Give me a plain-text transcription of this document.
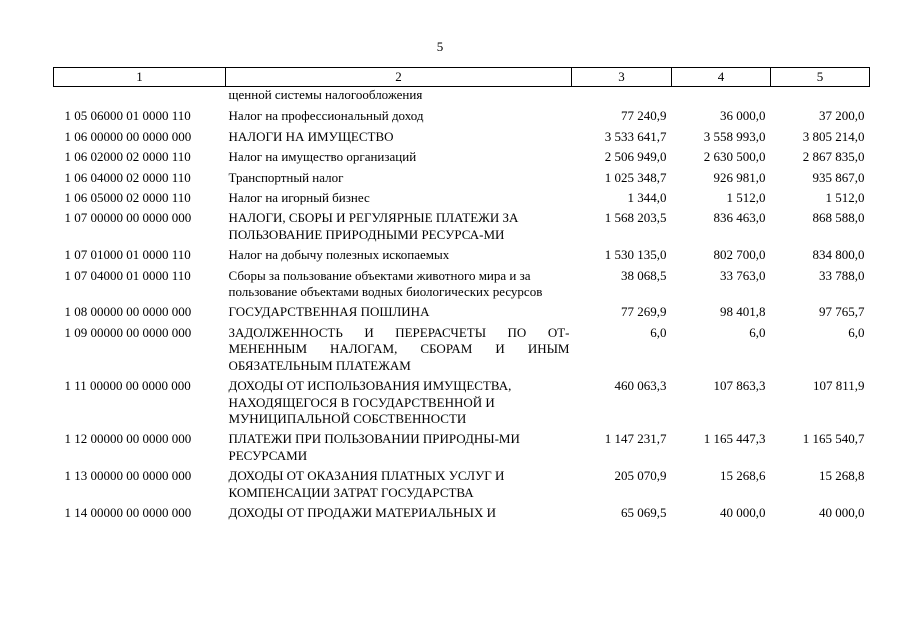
5
1	2	3	4	5
	щенной системы налогообложения			
1 05 06000 01 0000 110	Налог на профессиональный доход	77 240,9	36 000,0	37 200,0
1 06 00000 00 0000 000	НАЛОГИ НА ИМУЩЕСТВО	3 533 641,7	3 558 993,0	3 805 214,0
1 06 02000 02 0000 110	Налог на имущество организаций	2 506 949,0	2 630 500,0	2 867 835,0
1 06 04000 02 0000 110	Транспортный налог	1 025 348,7	926 981,0	935 867,0
1 06 05000 02 0000 110	Налог на игорный бизнес	1 344,0	1 512,0	1 512,0
1 07 00000 00 0000 000	НАЛОГИ, СБОРЫ И РЕГУЛЯРНЫЕ ПЛАТЕЖИ ЗА ПОЛЬЗОВАНИЕ ПРИРОДНЫМИ РЕСУРСА-МИ	1 568 203,5	836 463,0	868 588,0
1 07 01000 01 0000 110	Налог на добычу полезных ископаемых	1 530 135,0	802 700,0	834 800,0
1 07 04000 01 0000 110	Сборы за пользование объектами животного мира и за пользование объектами водных биологических ресурсов	38 068,5	33 763,0	33 788,0
1 08 00000 00 0000 000	ГОСУДАРСТВЕННАЯ ПОШЛИНА	77 269,9	98 401,8	97 765,7
1 09 00000 00 0000 000	ЗАДОЛЖЕННОСТЬ И ПЕРЕРАСЧЕТЫ ПО ОТ-МЕНЕННЫМ НАЛОГАМ, СБОРАМ И ИНЫМ ОБЯЗАТЕЛЬНЫМ ПЛАТЕЖАМ	6,0	6,0	6,0
1 11 00000 00 0000 000	ДОХОДЫ ОТ ИСПОЛЬЗОВАНИЯ ИМУЩЕСТВА, НАХОДЯЩЕГОСЯ В ГОСУДАРСТВЕННОЙ И МУНИЦИПАЛЬНОЙ СОБСТВЕННОСТИ	460 063,3	107 863,3	107 811,9
1 12 00000 00 0000 000	ПЛАТЕЖИ ПРИ ПОЛЬЗОВАНИИ ПРИРОДНЫ-МИ РЕСУРСАМИ	1 147 231,7	1 165 447,3	1 165 540,7
1 13 00000 00 0000 000	ДОХОДЫ ОТ ОКАЗАНИЯ ПЛАТНЫХ УСЛУГ И КОМПЕНСАЦИИ ЗАТРАТ ГОСУДАРСТВА	205 070,9	15 268,6	15 268,8
1 14 00000 00 0000 000	ДОХОДЫ ОТ ПРОДАЖИ МАТЕРИАЛЬНЫХ И	65 069,5	40 000,0	40 000,0
